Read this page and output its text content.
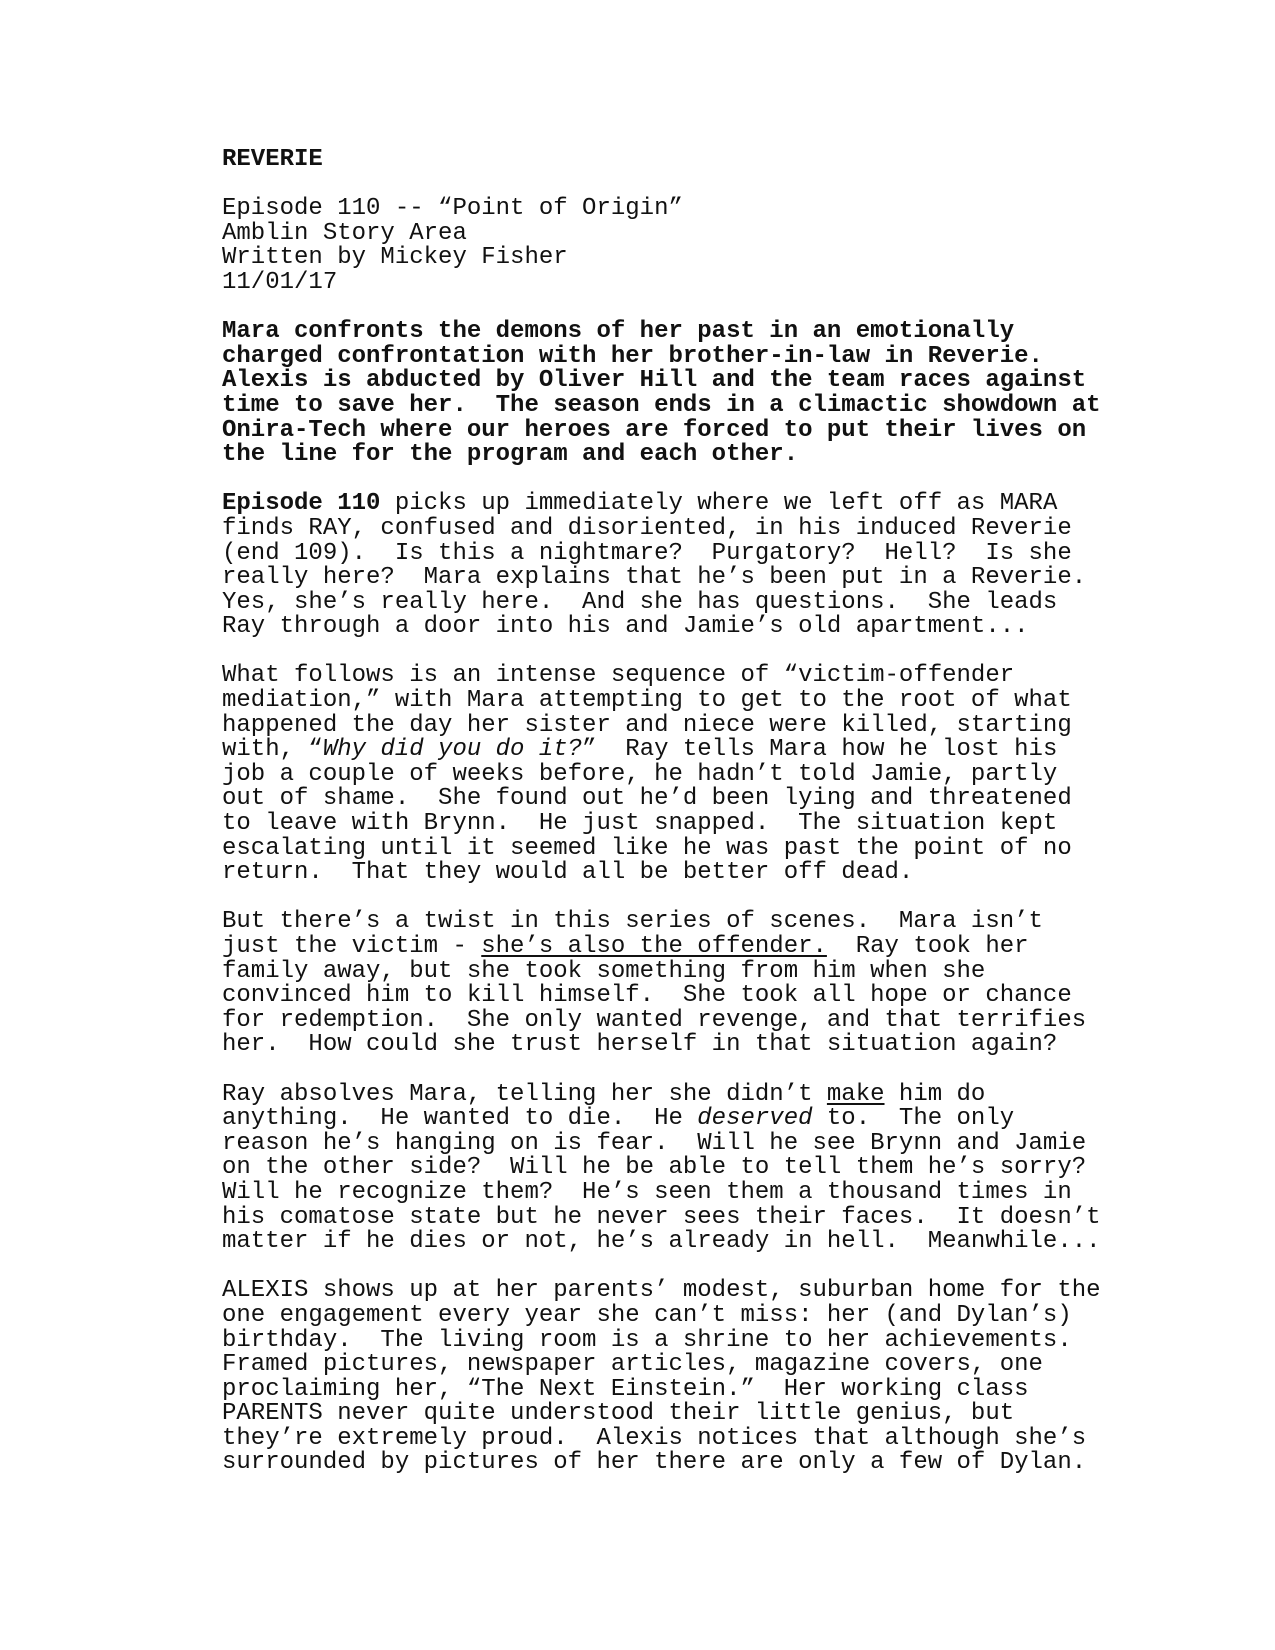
REVERIE
Episode 110 -- “Point of Origin”
Amblin Story Area
Written by Mickey Fisher
11/01/17
Mara confronts the demons of her past in an emotionally
charged confrontation with her brother-in-law in Reverie.
Alexis is abducted by Oliver Hill and the team races against
time to save her.  The season ends in a climactic showdown at
Onira-Tech where our heroes are forced to put their lives on
the line for the program and each other.
Episode 110 picks up immediately where we left off as MARA
finds RAY, confused and disoriented, in his induced Reverie
(end 109).  Is this a nightmare?  Purgatory?  Hell?  Is she
really here?  Mara explains that he’s been put in a Reverie.
Yes, she’s really here.  And she has questions.  She leads
Ray through a door into his and Jamie’s old apartment...
What follows is an intense sequence of “victim-offender
mediation,” with Mara attempting to get to the root of what
happened the day her sister and niece were killed, starting
with, “Why did you do it?”  Ray tells Mara how he lost his
job a couple of weeks before, he hadn’t told Jamie, partly
out of shame.  She found out he’d been lying and threatened
to leave with Brynn.  He just snapped.  The situation kept
escalating until it seemed like he was past the point of no
return.  That they would all be better off dead.
But there’s a twist in this series of scenes.  Mara isn’t
just the victim - she’s also the offender.  Ray took her
family away, but she took something from him when she
convinced him to kill himself.  She took all hope or chance
for redemption.  She only wanted revenge, and that terrifies
her.  How could she trust herself in that situation again?
Ray absolves Mara, telling her she didn’t make him do
anything.  He wanted to die.  He deserved to.  The only
reason he’s hanging on is fear.  Will he see Brynn and Jamie
on the other side?  Will he be able to tell them he’s sorry?
Will he recognize them?  He’s seen them a thousand times in
his comatose state but he never sees their faces.  It doesn’t
matter if he dies or not, he’s already in hell.  Meanwhile...
ALEXIS shows up at her parents’ modest, suburban home for the
one engagement every year she can’t miss: her (and Dylan’s)
birthday.  The living room is a shrine to her achievements.
Framed pictures, newspaper articles, magazine covers, one
proclaiming her, “The Next Einstein.”  Her working class
PARENTS never quite understood their little genius, but
they’re extremely proud.  Alexis notices that although she’s
surrounded by pictures of her there are only a few of Dylan.
